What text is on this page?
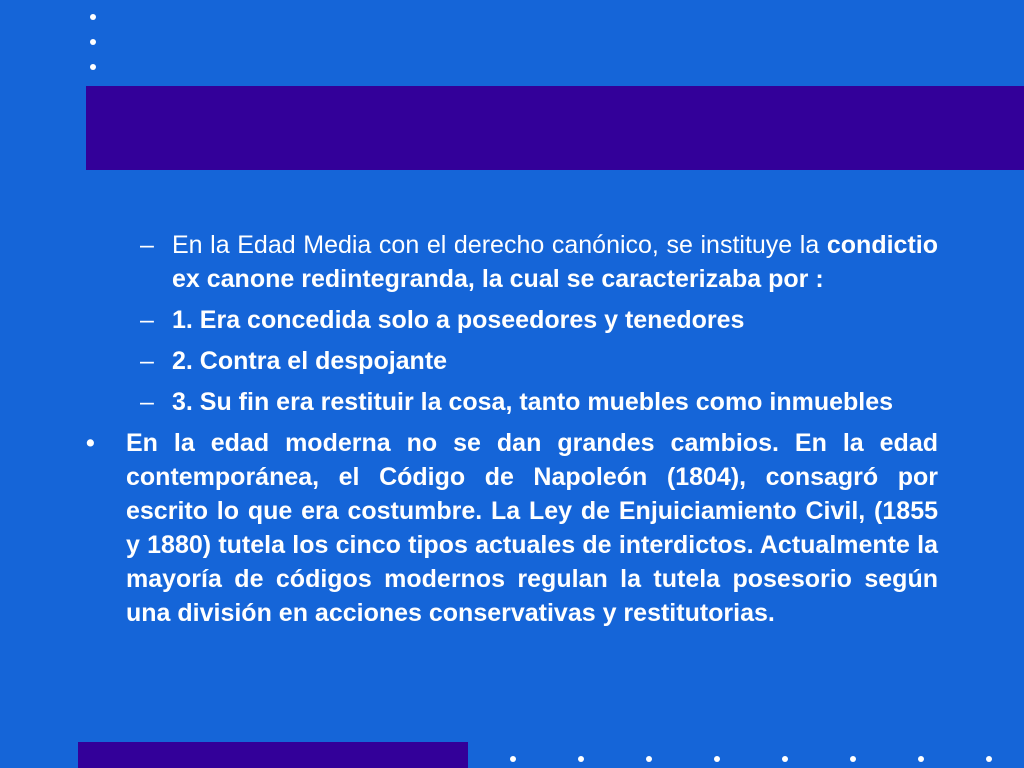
– En la Edad Media con el derecho canónico, se instituye la condictio ex canone redintegranda, la cual se caracterizaba por :
– 1. Era concedida solo a poseedores y tenedores
– 2. Contra el despojante
– 3. Su fin era restituir la cosa, tanto muebles como inmuebles
• En la edad moderna no se dan grandes cambios. En la edad contemporánea, el Código de Napoleón (1804), consagró por escrito lo que era costumbre. La Ley de Enjuiciamiento Civil, (1855 y 1880) tutela los cinco tipos actuales de interdictos. Actualmente la mayoría de códigos modernos regulan la tutela posesorio según una división en acciones conservativas y restitutorias.
